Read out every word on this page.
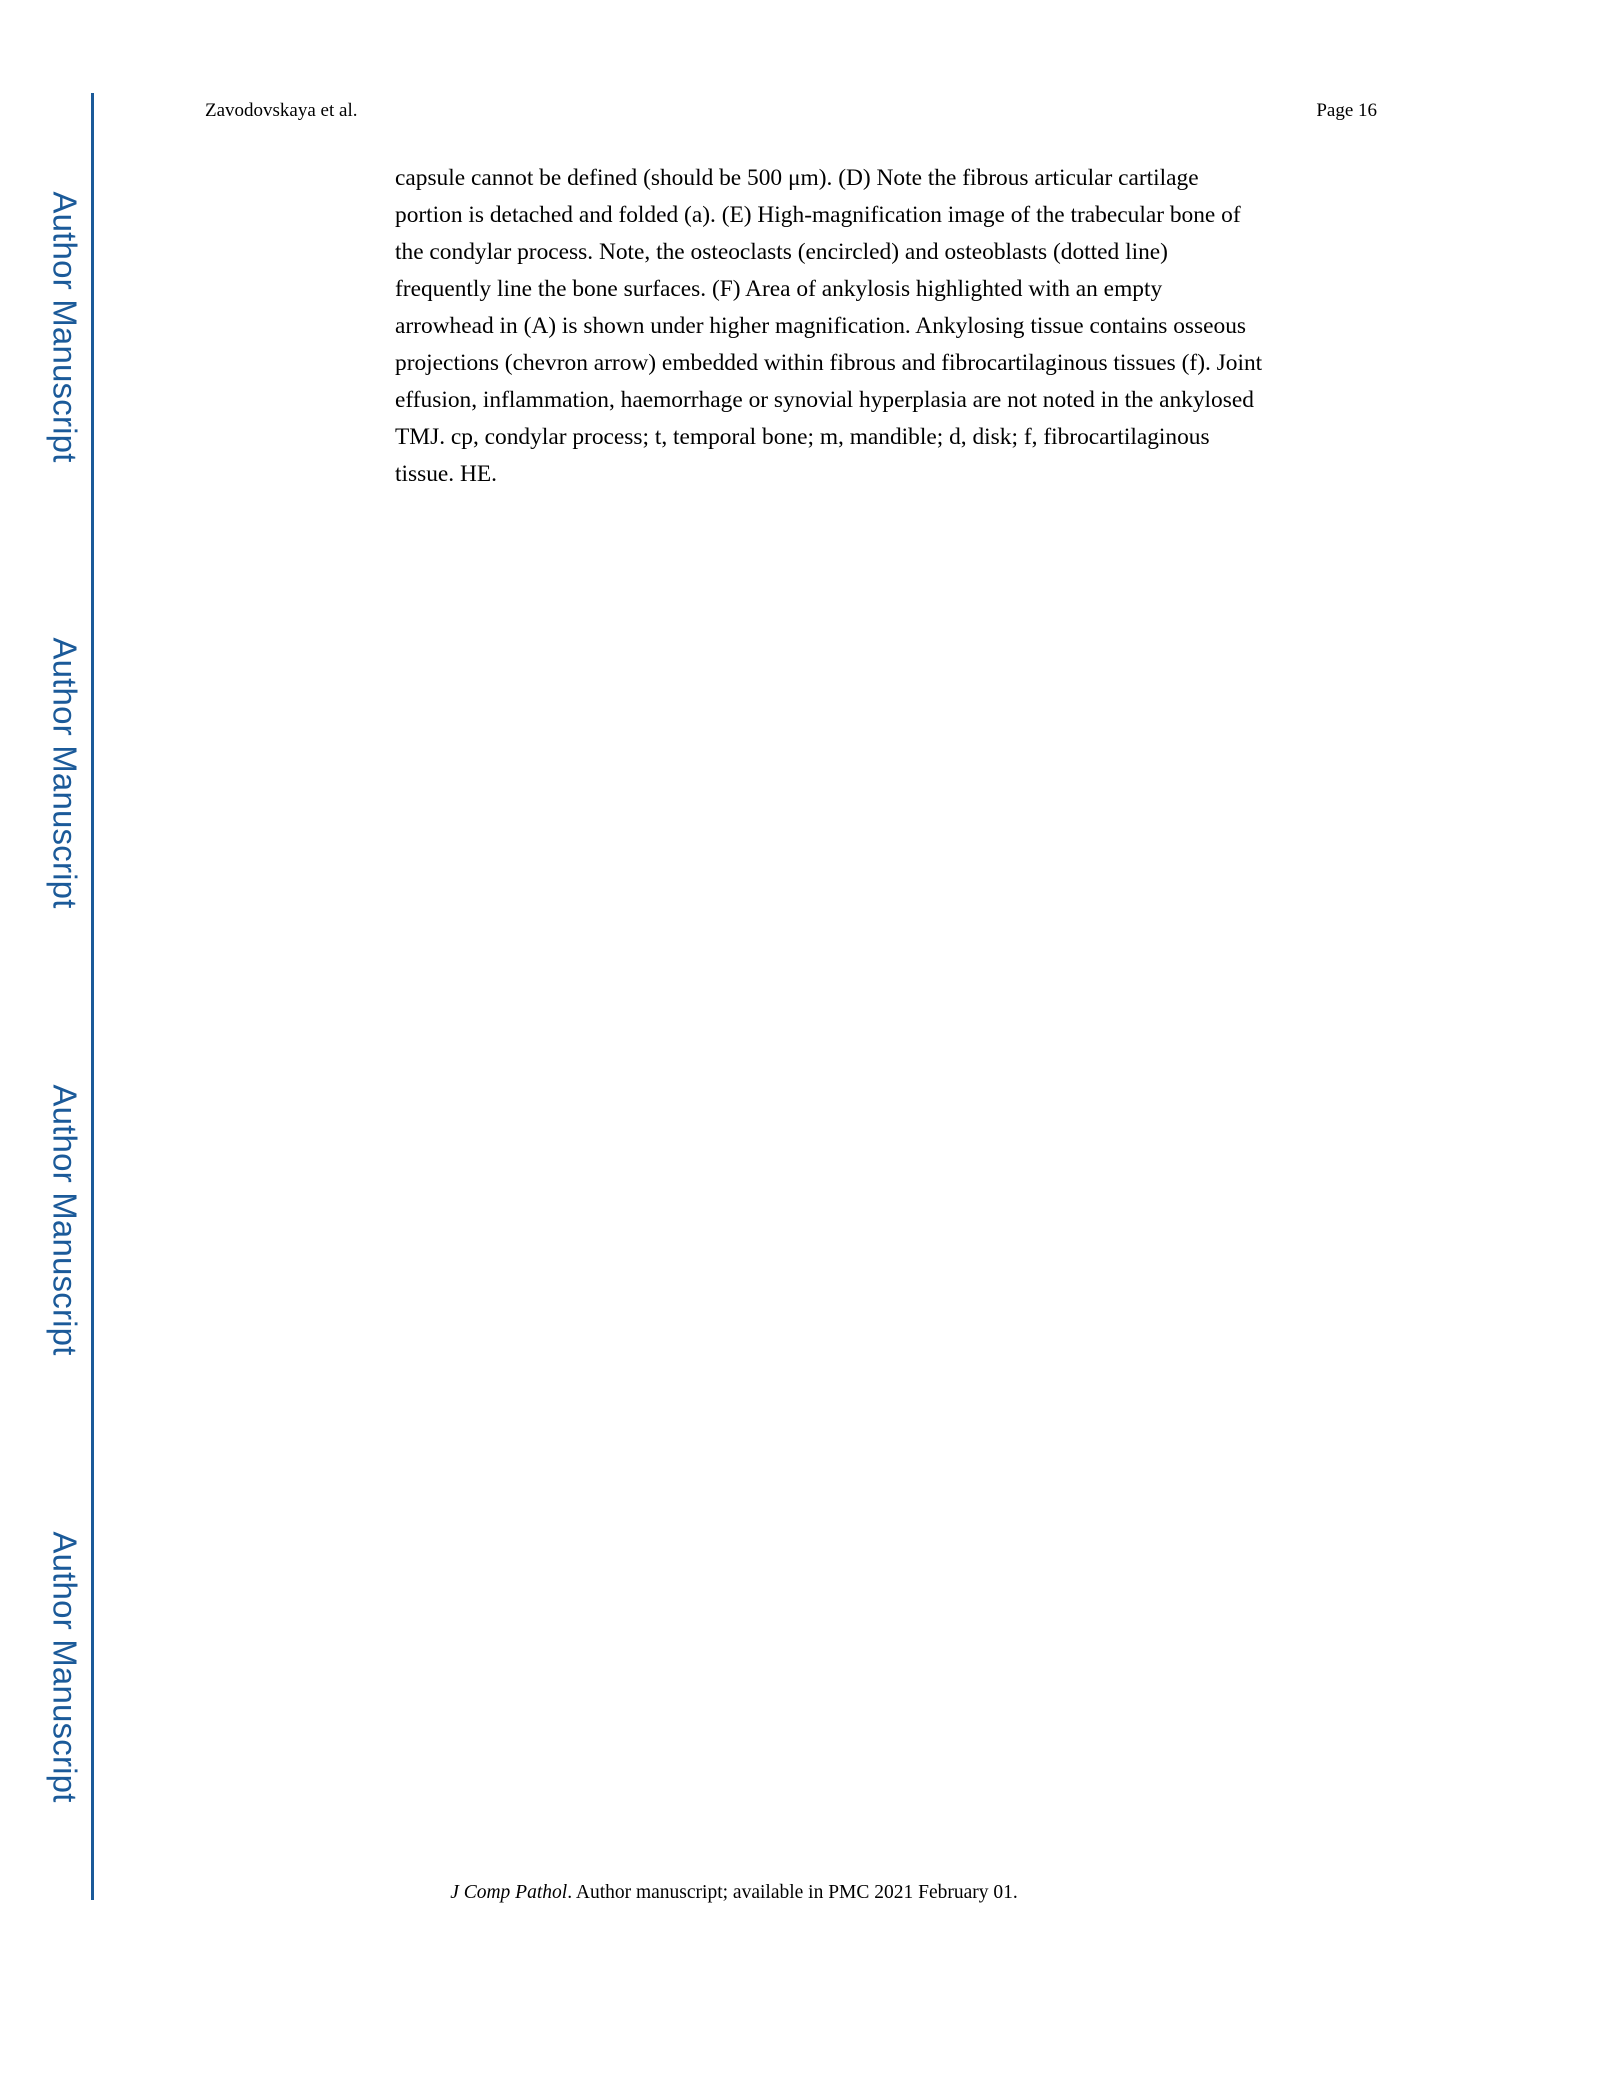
Author Manuscript
Author Manuscript
Author Manuscript
Author Manuscript
Zavodovskaya et al.	Page 16
capsule cannot be defined (should be 500 μm). (D) Note the fibrous articular cartilage
portion is detached and folded (a). (E) High-magnification image of the trabecular bone of
the condylar process. Note, the osteoclasts (encircled) and osteoblasts (dotted line)
frequently line the bone surfaces. (F) Area of ankylosis highlighted with an empty
arrowhead in (A) is shown under higher magnification. Ankylosing tissue contains osseous
projections (chevron arrow) embedded within fibrous and fibrocartilaginous tissues (f). Joint
effusion, inflammation, haemorrhage or synovial hyperplasia are not noted in the ankylosed
TMJ. cp, condylar process; t, temporal bone; m, mandible; d, disk; f, fibrocartilaginous
tissue. HE.
J Comp Pathol. Author manuscript; available in PMC 2021 February 01.
